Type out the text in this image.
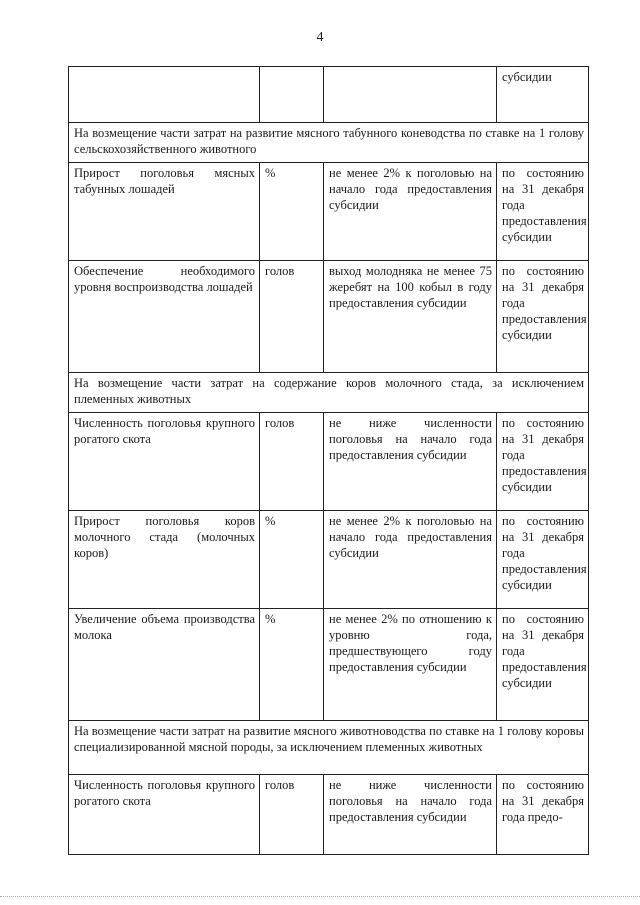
4
			субсидии
На возмещение части затрат на развитие мясного табунного коневодства по ставке на 1 голову сельскохозяйственного животного			
Прирост поголовья мясных табунных лошадей	%	не менее 2% к поголовью на начало года предоставления субсидии	по состоянию на 31 декабря года предоставления субсидии
Обеспечение необходимого уровня воспроизводства лошадей	голов	выход молодняка не менее 75 жеребят на 100 кобыл в году предоставления субсидии	по состоянию на 31 декабря года предоставления субсидии
На возмещение части затрат на содержание коров молочного стада, за исключением племенных животных			
Численность поголовья крупного рогатого скота	голов	не ниже численности поголовья на начало года предоставления субсидии	по состоянию на 31 декабря года предоставления субсидии
Прирост поголовья коров молочного стада (молочных коров)	%	не менее 2% к поголовью на начало года предоставления субсидии	по состоянию на 31 декабря года предоставления субсидии
Увеличение объема производства молока	%	не менее 2% по отношению к уровню года, предшествующего году предоставления субсидии	по состоянию на 31 декабря года предоставления субсидии
На возмещение части затрат на развитие мясного животноводства по ставке на 1 голову коровы специализированной мясной породы, за исключением племенных животных			
Численность поголовья крупного рогатого скота	голов	не ниже численности поголовья на начало года предоставления субсидии	по состоянию на 31 декабря года предо-
